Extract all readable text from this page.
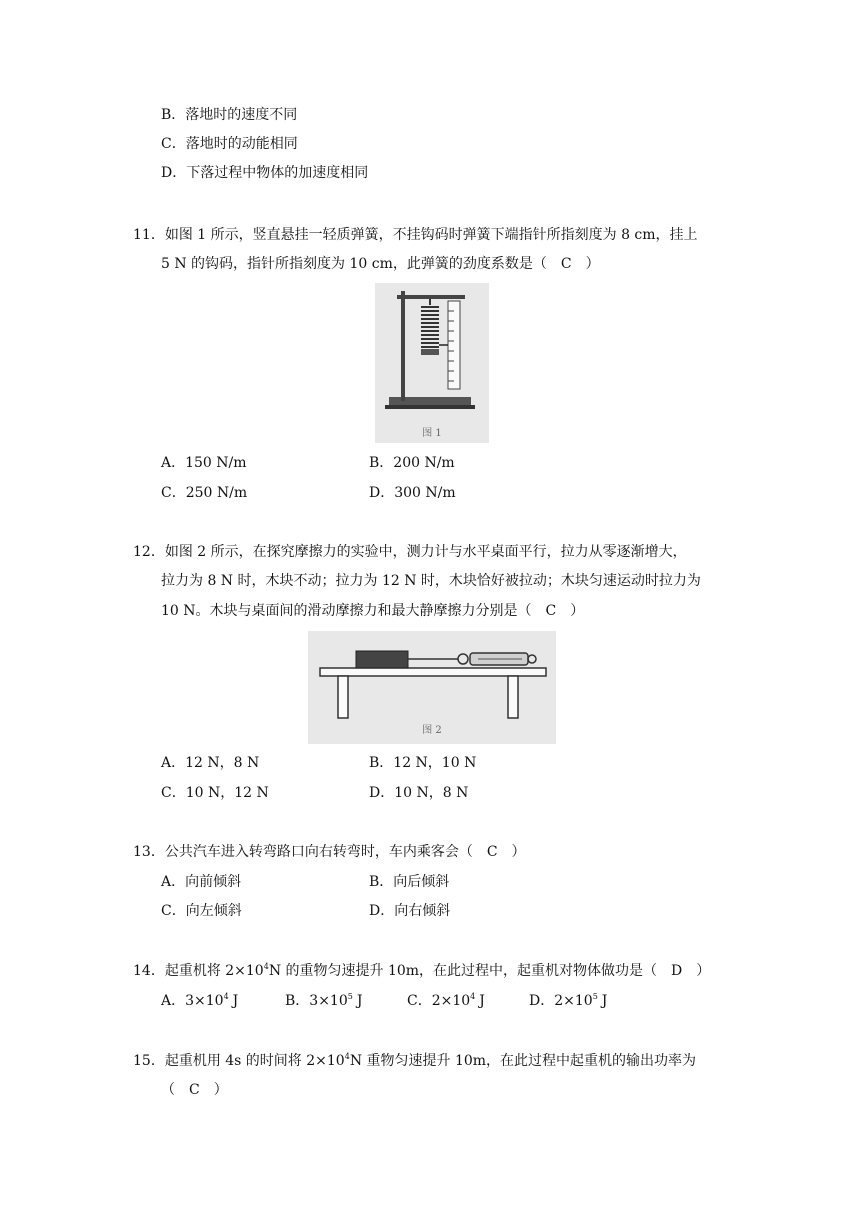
B．落地时的速度不同
C．落地时的动能相同
D．下落过程中物体的加速度相同
11．如图 1 所示，竖直悬挂一轻质弹簧，不挂钩码时弹簧下端指针所指刻度为 8 cm，挂上
5 N 的钩码，指针所指刻度为 10 cm，此弹簧的劲度系数是（　C　）
图 1
A．150 N/m	B．200 N/m
C．250 N/m	D．300 N/m
12．如图 2 所示，在探究摩擦力的实验中，测力计与水平桌面平行，拉力从零逐渐增大，
拉力为 8 N 时，木块不动；拉力为 12 N 时，木块恰好被拉动；木块匀速运动时拉力为
10 N。木块与桌面间的滑动摩擦力和最大静摩擦力分别是（　C　）
图 2
A．12 N，8 N	B．12 N，10 N
C．10 N，12 N	D．10 N，8 N
13．公共汽车进入转弯路口向右转弯时，车内乘客会（　C　）
A．向前倾斜	B．向后倾斜
C．向左倾斜	D．向右倾斜
14．起重机将 $2\times 10^4N$ 的重物匀速提升 10m，在此过程中，起重机对物体做功是（　D　）
A．$3\times 10^4$ J	B．$3\times 10^5$ J	C．$2\times 10^4$ J	D．$2\times 10^5$ J
15．起重机用 4s 的时间将 $2\times 10^4N$ 重物匀速提升 10m，在此过程中起重机的输出功率为
（　C　）
